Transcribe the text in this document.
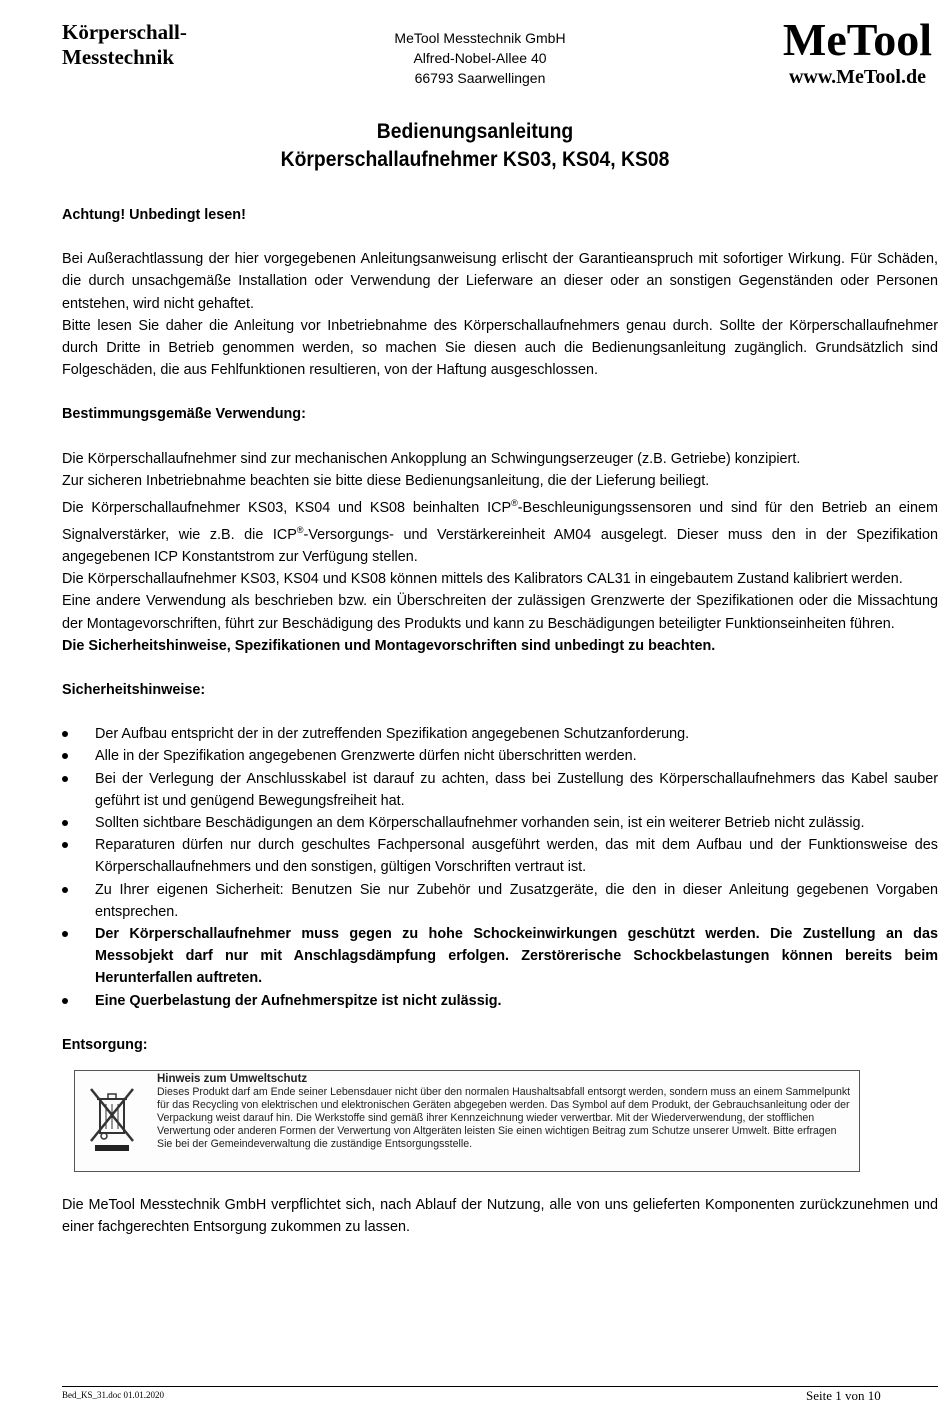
Körperschall-
Messtechnik
MeTool Messtechnik GmbH
Alfred-Nobel-Allee 40
66793 Saarwellingen
MeTool
www.MeTool.de
Bedienungsanleitung
Körperschallaufnehmer KS03, KS04, KS08

Achtung! Unbedingt lesen!

Bei Außerachtlassung der hier vorgegebenen Anleitungsanweisung erlischt der Garantieanspruch mit sofortiger Wirkung. Für Schäden, die durch unsachgemäße Installation oder Verwendung der Lieferware an dieser oder an sonstigen Gegenständen oder Personen entstehen, wird nicht gehaftet.

Bitte lesen Sie daher die Anleitung vor Inbetriebnahme des Körperschallaufnehmers genau durch. Sollte der Körperschallaufnehmer durch Dritte in Betrieb genommen werden, so machen Sie diesen auch die Bedienungsanleitung zugänglich. Grundsätzlich sind Folgeschäden, die aus Fehlfunktionen resultieren, von der Haftung ausgeschlossen.

Bestimmungsgemäße Verwendung:

Die Körperschallaufnehmer sind zur mechanischen Ankopplung an Schwingungserzeuger (z.B. Getriebe) konzipiert.

Zur sicheren Inbetriebnahme beachten sie bitte diese Bedienungsanleitung, die der Lieferung beiliegt.

Die Körperschallaufnehmer KS03, KS04 und KS08 beinhalten ICP®-Beschleunigungssensoren und sind für den Betrieb an einem Signalverstärker, wie z.B. die ICP®-Versorgungs- und Verstärkereinheit AM04 ausgelegt. Dieser muss den in der Spezifikation angegebenen ICP Konstantstrom zur Verfügung stellen.

Die Körperschallaufnehmer KS03, KS04 und KS08 können mittels des Kalibrators CAL31 in eingebautem Zustand kalibriert werden.

Eine andere Verwendung als beschrieben bzw. ein Überschreiten der zulässigen Grenzwerte der Spezifikationen oder die Missachtung der Montagevorschriften, führt zur Beschädigung des Produkts und kann zu Beschädigungen beteiligter Funktionseinheiten führen.

Die Sicherheitshinweise, Spezifikationen und Montagevorschriften sind unbedingt zu beachten.

Sicherheitshinweise:

Der Aufbau entspricht der in der zutreffenden Spezifikation angegebenen Schutzanforderung.
Alle in der Spezifikation angegebenen Grenzwerte dürfen nicht überschritten werden.
Bei der Verlegung der Anschlusskabel ist darauf zu achten, dass bei Zustellung des Körperschallaufnehmers das Kabel sauber geführt ist und genügend Bewegungsfreiheit hat.
Sollten sichtbare Beschädigungen an dem Körperschallaufnehmer vorhanden sein, ist ein weiterer Betrieb nicht zulässig.
Reparaturen dürfen nur durch geschultes Fachpersonal ausgeführt werden, das mit dem Aufbau und der Funktionsweise des Körperschallaufnehmers und den sonstigen, gültigen Vorschriften vertraut ist.
Zu Ihrer eigenen Sicherheit: Benutzen Sie nur Zubehör und Zusatzgeräte, die den in dieser Anleitung gegebenen Vorgaben entsprechen.
Der Körperschallaufnehmer muss gegen zu hohe Schockeinwirkungen geschützt werden. Die Zustellung an das Messobjekt darf nur mit Anschlagsdämpfung erfolgen. Zerstörerische Schockbelastungen können bereits beim Herunterfallen auftreten.
Eine Querbelastung der Aufnehmerspitze ist nicht zulässig.

Entsorgung:

Hinweis zum Umweltschutz
Dieses Produkt darf am Ende seiner Lebensdauer nicht über den normalen Haushaltsabfall entsorgt werden, sondern muss an einem Sammelpunkt für das Recycling von elektrischen und elektronischen Geräten abgegeben werden. Das Symbol auf dem Produkt, der Gebrauchsanleitung oder der Verpackung weist darauf hin. Die Werkstoffe sind gemäß ihrer Kennzeichnung wieder verwertbar. Mit der Wiederverwendung, der stofflichen Verwertung oder anderen Formen der Verwertung von Altgeräten leisten Sie einen wichtigen Beitrag zum Schutze unserer Umwelt. Bitte erfragen Sie bei der Gemeindeverwaltung die zuständige Entsorgungsstelle.

Die MeTool Messtechnik GmbH verpflichtet sich, nach Ablauf der Nutzung, alle von uns gelieferten Komponenten zurückzunehmen und einer fachgerechten Entsorgung zukommen zu lassen.

Bed_KS_31.doc 01.01.2020	Seite 1 von 10
